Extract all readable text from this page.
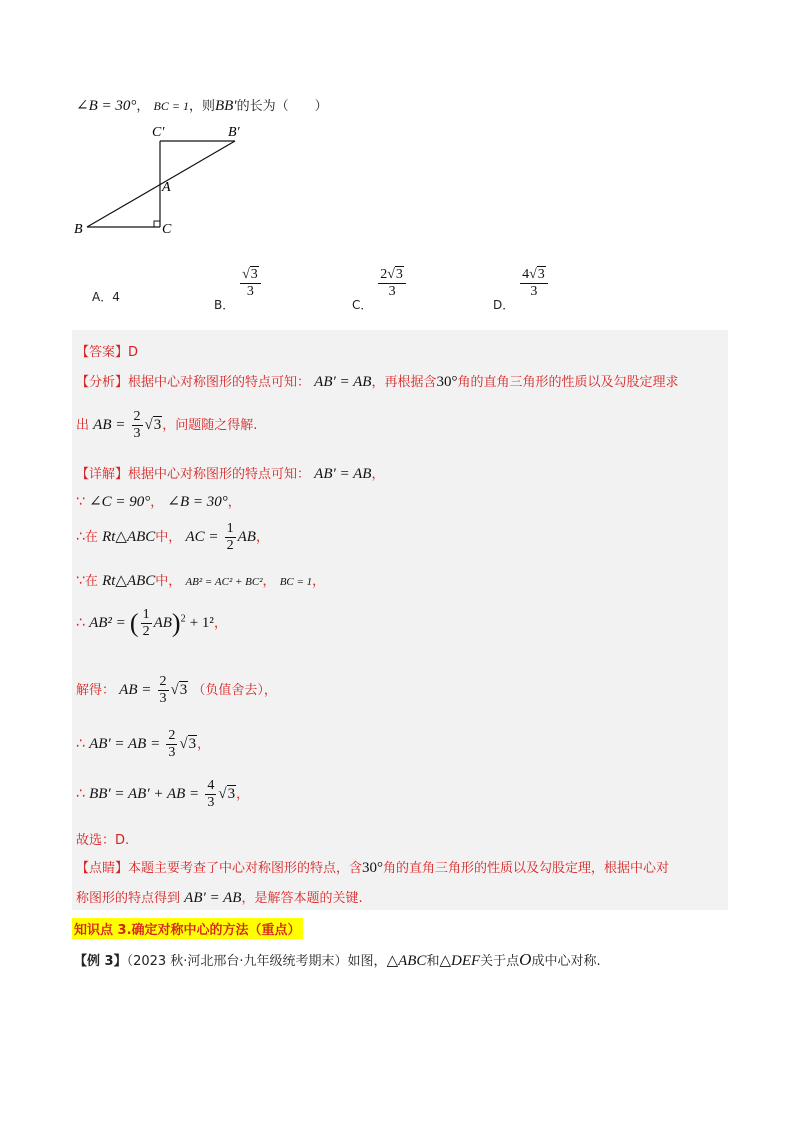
∠B = 30°， BC = 1，则BB′的长为（　　）
C′	B′
A
B	C
A．4
B．
$\frac{√3}{3}$
C．
$\frac{2√3}{3}$
D．
$\frac{4√3}{3}$
【答案】D
【分析】根据中心对称图形的特点可知： AB′ = AB，再根据含30°角的直角三角形的性质以及勾股定理求
出 AB = $\frac{2}{3} √3$，问题随之得解.
【详解】根据中心对称图形的特点可知： AB′ = AB，
∵ ∠C = 90°， ∠B = 30°，
∴在 Rt△ABC中， AC = $\frac{1}{2}$ AB，
∵在 Rt△ABC中， AB² = AC² + BC²， BC = 1，
∴ AB² = ( $\frac{1}{2} AB)^2 + 1^2$，
解得： AB = $\frac{2}{3} √3$ （负值舍去），
∴ AB′ = AB = $\frac{2}{3} √3$，
∴ BB′ = AB′ + AB = $\frac{4}{3} √3$，
故选：D.
【点睛】本题主要考查了中心对称图形的特点，含30°角的直角三角形的性质以及勾股定理，根据中心对
称图形的特点得到 AB′ = AB，是解答本题的关键.
知识点 3.确定对称中心的方法（重点）
【例 3】（2023 秋·河北邢台·九年级统考期末）如图，△ABC和△DEF关于点O成中心对称.
